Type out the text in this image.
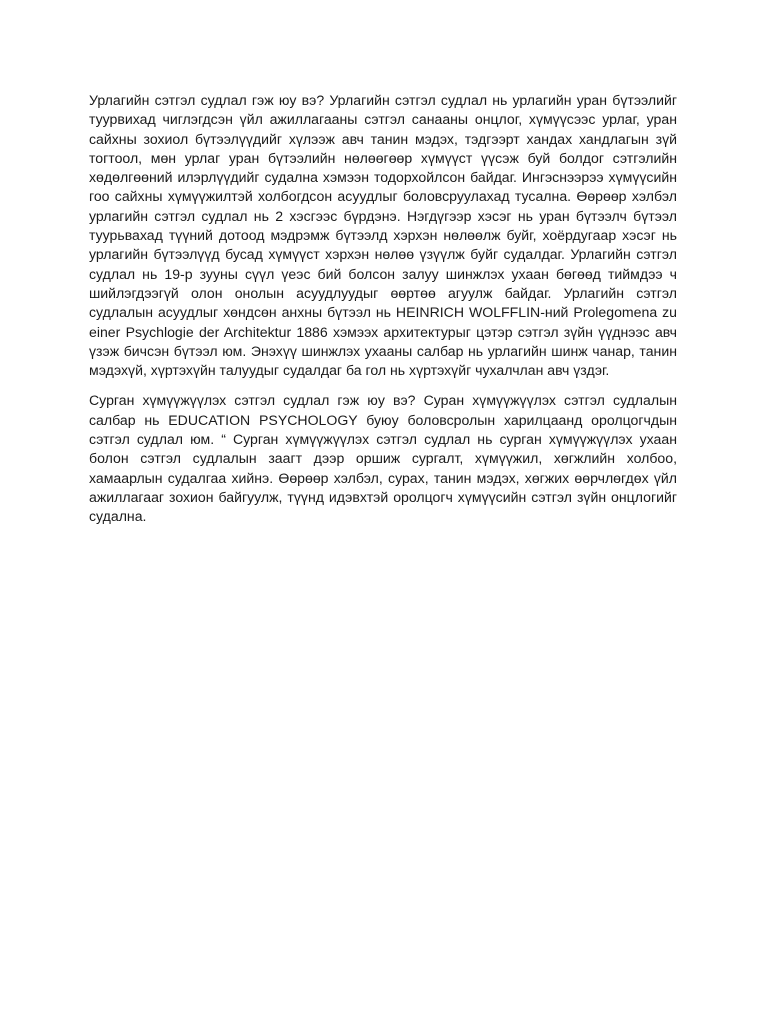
Урлагийн сэтгэл судлал гэж юу вэ? Урлагийн сэтгэл судлал нь урлагийн уран бүтээлийг туурвихад чиглэгдсэн үйл ажиллагааны сэтгэл санааны онцлог, хүмүүсээс урлаг, уран сайхны зохиол бүтээлүүдийг хүлээж авч танин мэдэх, тэдгээрт хандах хандлагын зүй тогтоол, мөн урлаг уран бүтээлийн нөлөөгөөр хүмүүст үүсэж буй болдог сэтгэлийн хөдөлгөөний илэрлүүдийг судална хэмээн тодорхойлсон байдаг. Ингэснээрээ хүмүүсийн гоо сайхны хүмүүжилтэй холбогдсон асуудлыг боловсруулахад тусална. Өөрөөр хэлбэл урлагийн сэтгэл судлал нь 2 хэсгээс бүрдэнэ. Нэгдүгээр хэсэг нь уран бүтээлч бүтээл туурьвахад түүний дотоод мэдрэмж бүтээлд хэрхэн нөлөөлж буйг, хоёрдугаар хэсэг нь урлагийн бүтээлүүд бусад хүмүүст хэрхэн нөлөө үзүүлж буйг судалдаг. Урлагийн сэтгэл судлал нь 19-р зууны сүүл үеэс бий болсон залуу шинжлэх ухаан бөгөөд тиймдээ ч шийлэгдээгүй олон онолын асуудлуудыг өөртөө агуулж байдаг. Урлагийн сэтгэл судлалын асуудлыг хөндсөн анхны бүтээл нь HEINRICH WOLFFLIN-ний Prolegomena zu einer Psychlogie der Architektur 1886 хэмээх архитектурыг цэтэр сэтгэл зүйн үүднээс авч үзэж бичсэн бүтээл юм. Энэхүү шинжлэх ухааны салбар нь урлагийн шинж чанар, танин мэдэхүй, хүртэхүйн талуудыг судалдаг ба гол нь хүртэхүйг чухалчлан авч үздэг.

Сурган хүмүүжүүлэх сэтгэл судлал гэж юу вэ? Суран хүмүүжүүлэх сэтгэл судлалын салбар нь EDUCATION PSYCHOLOGY буюу боловсролын харилцаанд оролцогчдын сэтгэл судлал юм. “ Сурган хүмүүжүүлэх сэтгэл судлал нь сурган хүмүүжүүлэх ухаан болон сэтгэл судлалын заагт дээр оршиж сургалт, хүмүүжил, хөгжлийн холбоо, хамаарлын судалгаа хийнэ. Өөрөөр хэлбэл, сурах, танин мэдэх, хөгжих өөрчлөгдөх үйл ажиллагааг зохион байгуулж, түүнд идэвхтэй оролцогч хүмүүсийн сэтгэл зүйн онцлогийг судална.
